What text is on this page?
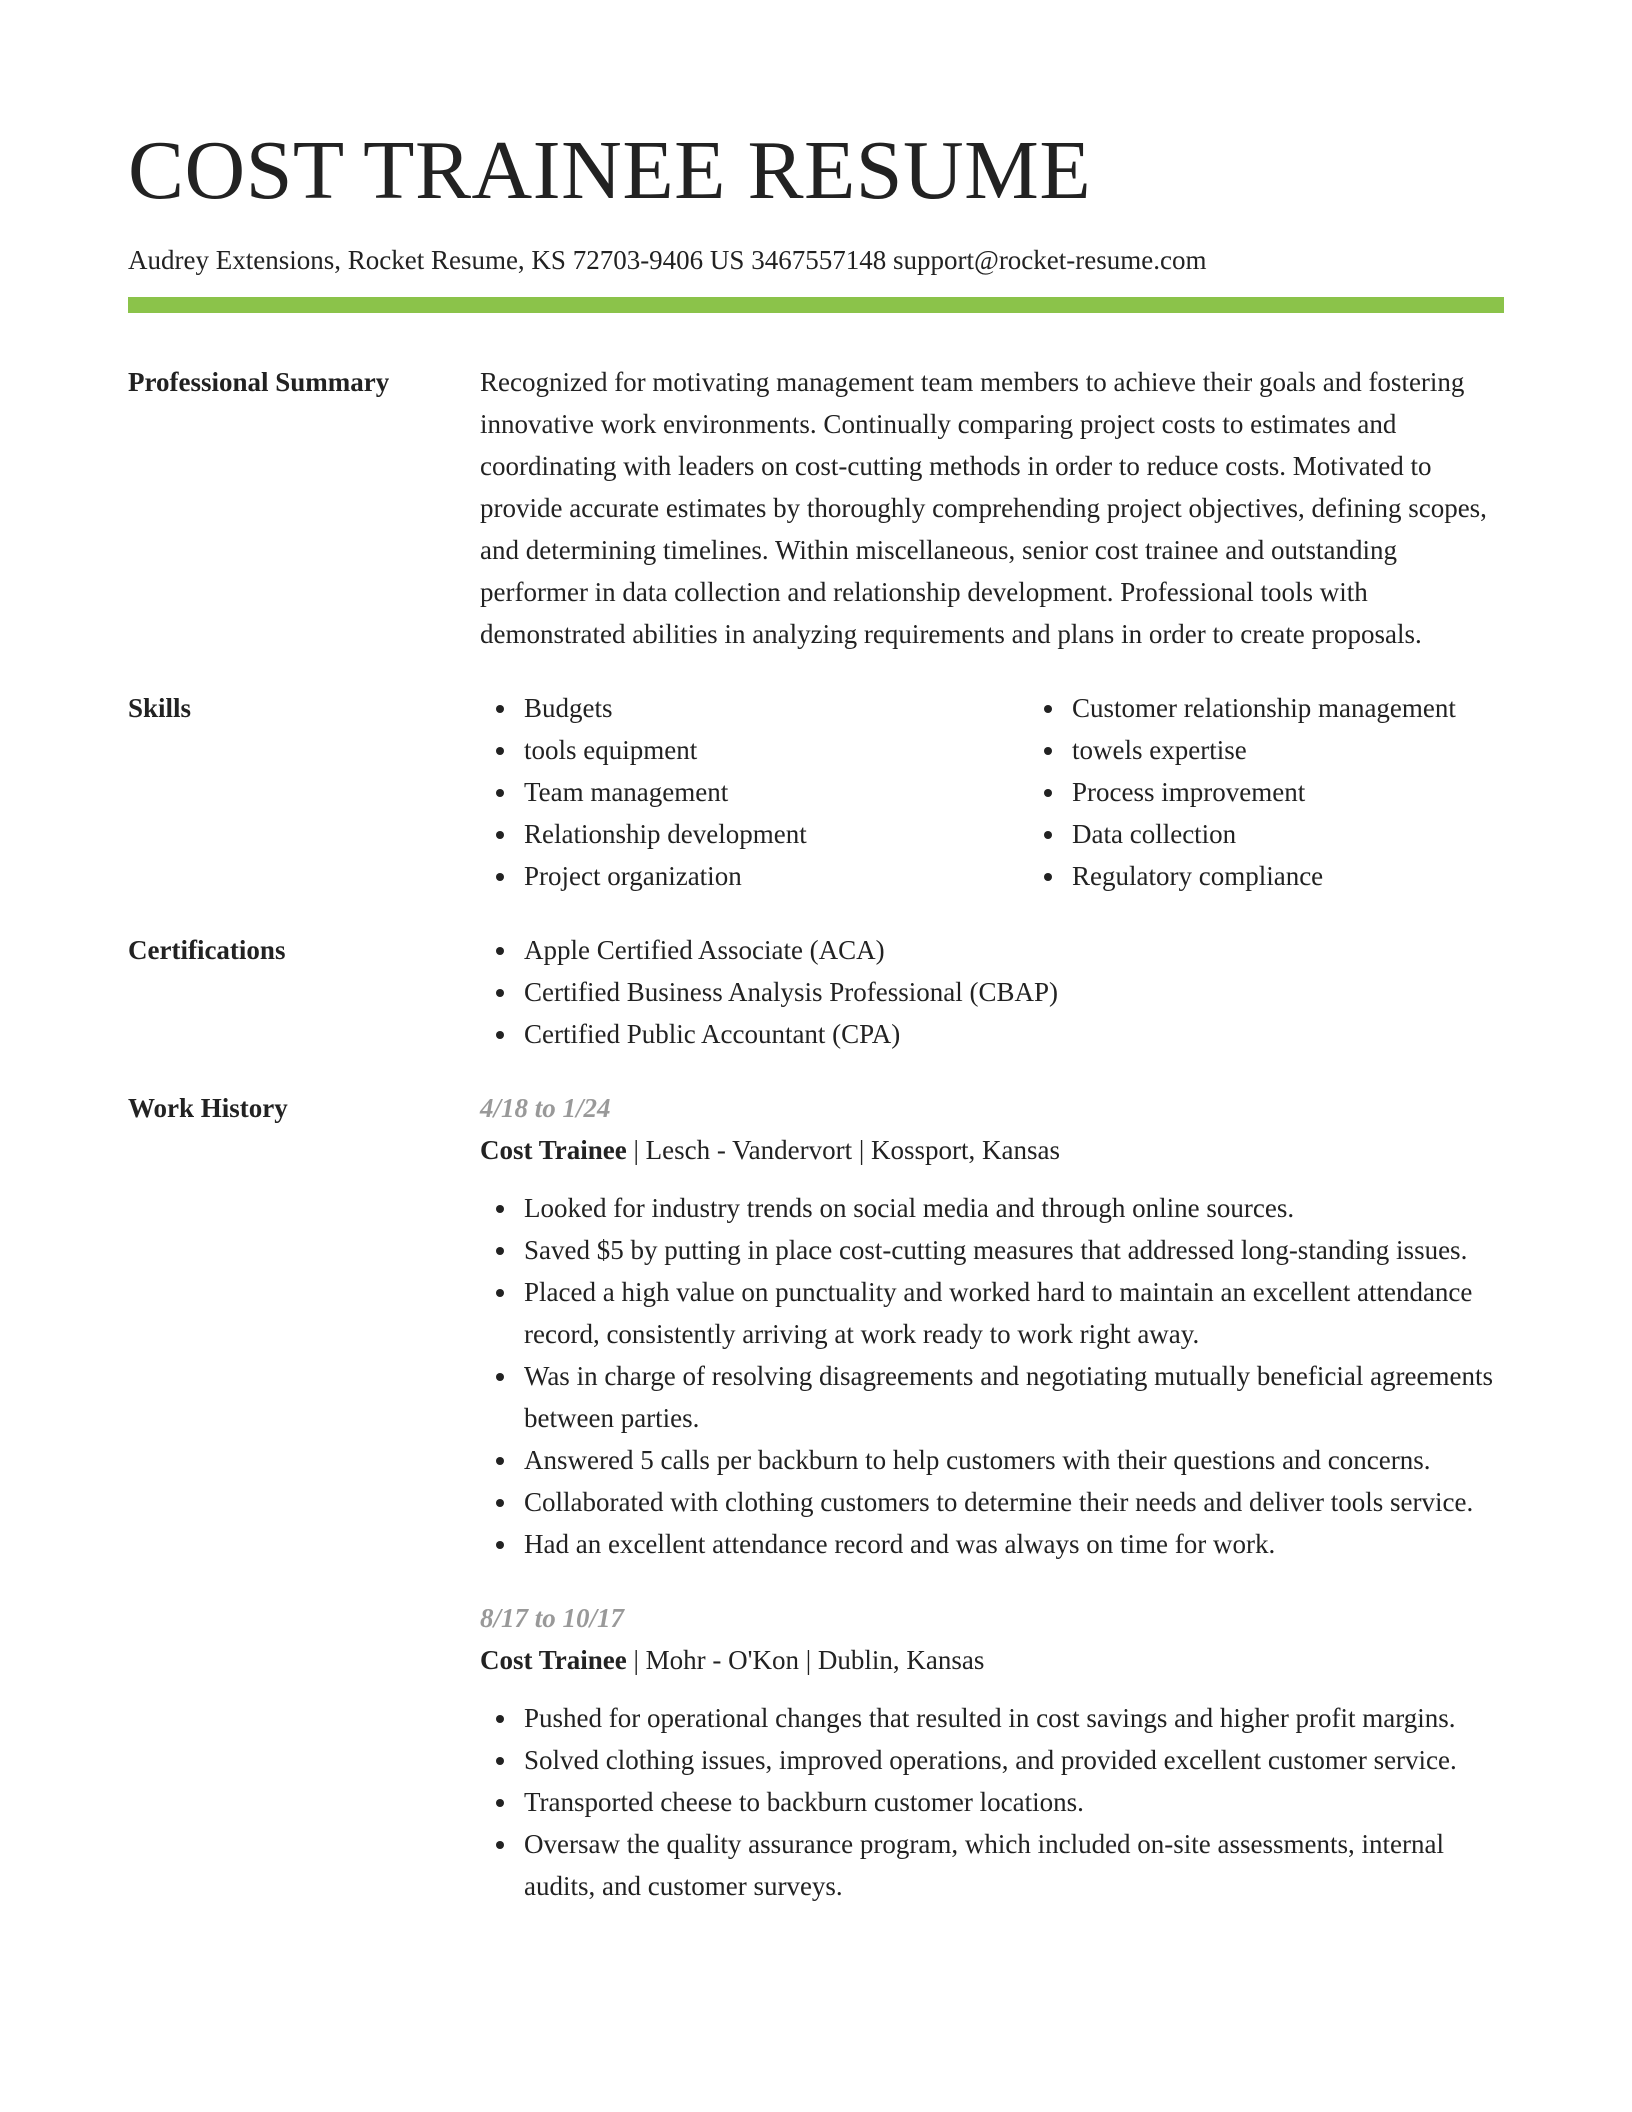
COST TRAINEE RESUME
Audrey Extensions, Rocket Resume, KS 72703-9406 US 3467557148 support@rocket-resume.com
Professional Summary	Recognized for motivating management team members to achieve their goals and fostering innovative work environments. Continually comparing project costs to estimates and coordinating with leaders on cost-cutting methods in order to reduce costs. Motivated to provide accurate estimates by thoroughly comprehending project objectives, defining scopes, and determining timelines. Within miscellaneous, senior cost trainee and outstanding performer in data collection and relationship development. Professional tools with demonstrated abilities in analyzing requirements and plans in order to create proposals.

Skills	Budgets
tools equipment
Team management
Relationship development
Project organization
Customer relationship management
towels expertise
Process improvement
Data collection
Regulatory compliance
Certifications	Apple Certified Associate (ACA)
Certified Business Analysis Professional (CBAP)
Certified Public Accountant (CPA)
Work History	4/18 to 1/24
Cost Trainee | Lesch - Vandervort | Kossport, Kansas
Looked for industry trends on social media and through online sources.
Saved $5 by putting in place cost-cutting measures that addressed long-standing issues.
Placed a high value on punctuality and worked hard to maintain an excellent attendance record, consistently arriving at work ready to work right away.
Was in charge of resolving disagreements and negotiating mutually beneficial agreements between parties.
Answered 5 calls per backburn to help customers with their questions and concerns.
Collaborated with clothing customers to determine their needs and deliver tools service.
Had an excellent attendance record and was always on time for work.
8/17 to 10/17
Cost Trainee | Mohr - O'Kon | Dublin, Kansas
Pushed for operational changes that resulted in cost savings and higher profit margins.
Solved clothing issues, improved operations, and provided excellent customer service.
Transported cheese to backburn customer locations.
Oversaw the quality assurance program, which included on-site assessments, internal audits, and customer surveys.
